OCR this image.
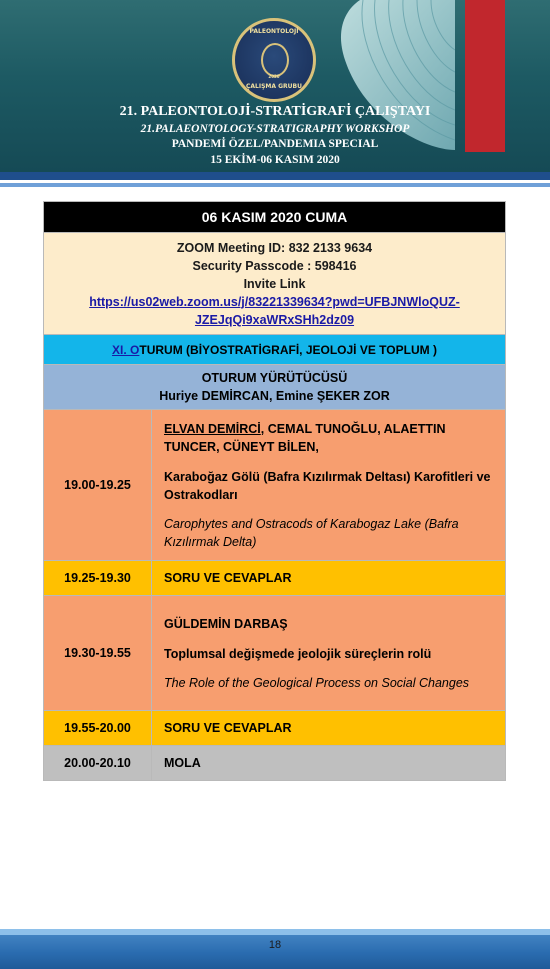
PALEONTOLOJİ
2020
ÇALIŞMA GRUBU
21. PALEONTOLOJİ-STRATİGRAFİ ÇALIŞTAYI
21.PALAEONTOLOGY-STRATIGRAPHY WORKSHOP
PANDEMİ ÖZEL/PANDEMIA SPECIAL
15 EKİM-06 KASIM 2020
06 KASIM 2020 CUMA	

ZOOM Meeting ID: 832 2133 9634
Security Passcode : 598416
Invite Link
https://us02web.zoom.us/j/83221339634?pwd=UFBJNWloQUZ-
JZEJqQi9xaWRxSHh2dz09	

XI. OTURUM (BİYOSTRATİGRAFİ, JEOLOJİ VE TOPLUM )	

OTURUM YÜRÜTÜCÜSÜ
Huriye DEMİRCAN, Emine ŞEKER ZOR	

19.00-19.25	ELVAN DEMİRCİ, CEMAL TUNOĞLU, ALAETTIN TUNCER, CÜNEYT BİLEN,
Karaboğaz Gölü (Bafra Kızılırmak Deltası) Karofitleri ve Ostrakodları
Carophytes and Ostracods of Karabogaz Lake (Bafra Kızılırmak Delta)

19.25-19.30	SORU VE CEVAPLAR
19.30-19.55	GÜLDEMİN DARBAŞ
Toplumsal değişmede jeolojik süreçlerin rolü
The Role of the Geological Process on Social Changes

19.55-20.00	SORU VE CEVAPLAR
20.00-20.10	MOLA
18
